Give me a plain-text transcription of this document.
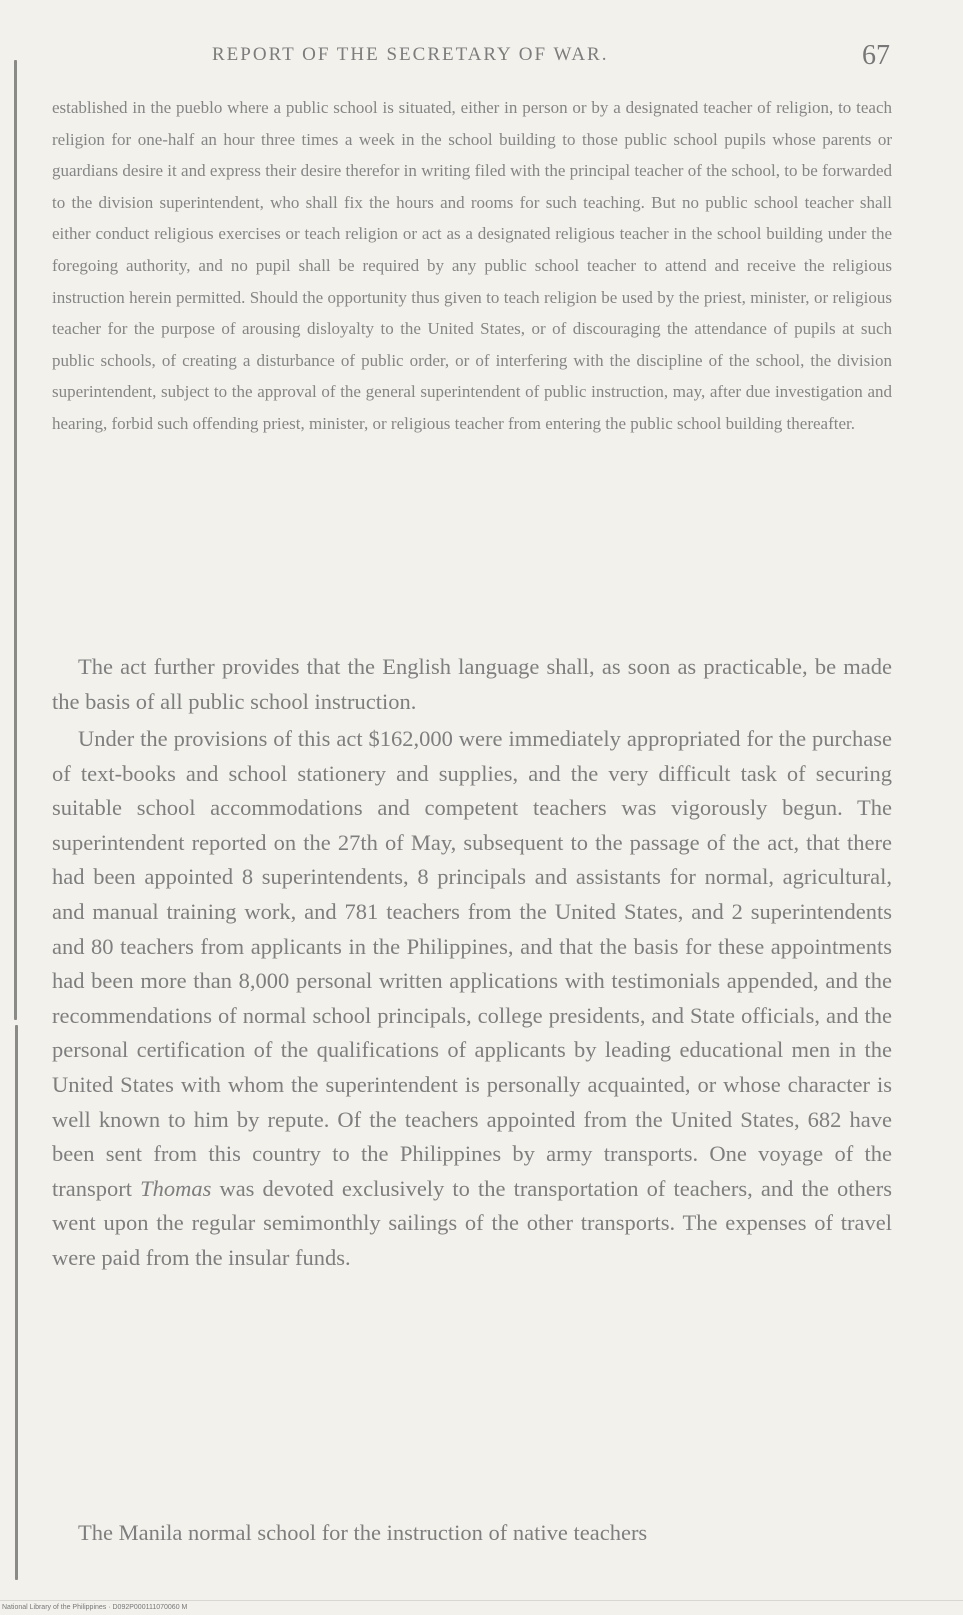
REPORT OF THE SECRETARY OF WAR.	67

established in the pueblo where a public school is situated, either in person or by a designated teacher of religion, to teach religion for one-half an hour three times a week in the school building to those public school pupils whose parents or guardians desire it and express their desire therefor in writing filed with the principal teacher of the school, to be forwarded to the division superintendent, who shall fix the hours and rooms for such teaching. But no public school teacher shall either conduct religious exercises or teach religion or act as a designated religious teacher in the school building under the foregoing authority, and no pupil shall be required by any public school teacher to attend and receive the religious instruction herein permitted. Should the opportunity thus given to teach religion be used by the priest, minister, or religious teacher for the purpose of arousing disloyalty to the United States, or of discouraging the attendance of pupils at such public schools, of creating a disturbance of public order, or of interfering with the discipline of the school, the division superintendent, subject to the approval of the general superintendent of public instruction, may, after due investigation and hearing, forbid such offending priest, minister, or religious teacher from entering the public school building thereafter.

The act further provides that the English language shall, as soon as practicable, be made the basis of all public school instruction.

Under the provisions of this act $162,000 were immediately appropriated for the purchase of text-books and school stationery and supplies, and the very difficult task of securing suitable school accommodations and competent teachers was vigorously begun. The superintendent reported on the 27th of May, subsequent to the passage of the act, that there had been appointed 8 superintendents, 8 principals and assistants for normal, agricultural, and manual training work, and 781 teachers from the United States, and 2 superintendents and 80 teachers from applicants in the Philippines, and that the basis for these appointments had been more than 8,000 personal written applications with testimonials appended, and the recommendations of normal school principals, college presidents, and State officials, and the personal certification of the qualifications of applicants by leading educational men in the United States with whom the superintendent is personally acquainted, or whose character is well known to him by repute. Of the teachers appointed from the United States, 682 have been sent from this country to the Philippines by army transports. One voyage of the transport Thomas was devoted exclusively to the transportation of teachers, and the others went upon the regular semimonthly sailings of the other transports. The expenses of travel were paid from the insular funds.

The Manila normal school for the instruction of native teachers

National Library of the Philippines · D092P000111070060 M
